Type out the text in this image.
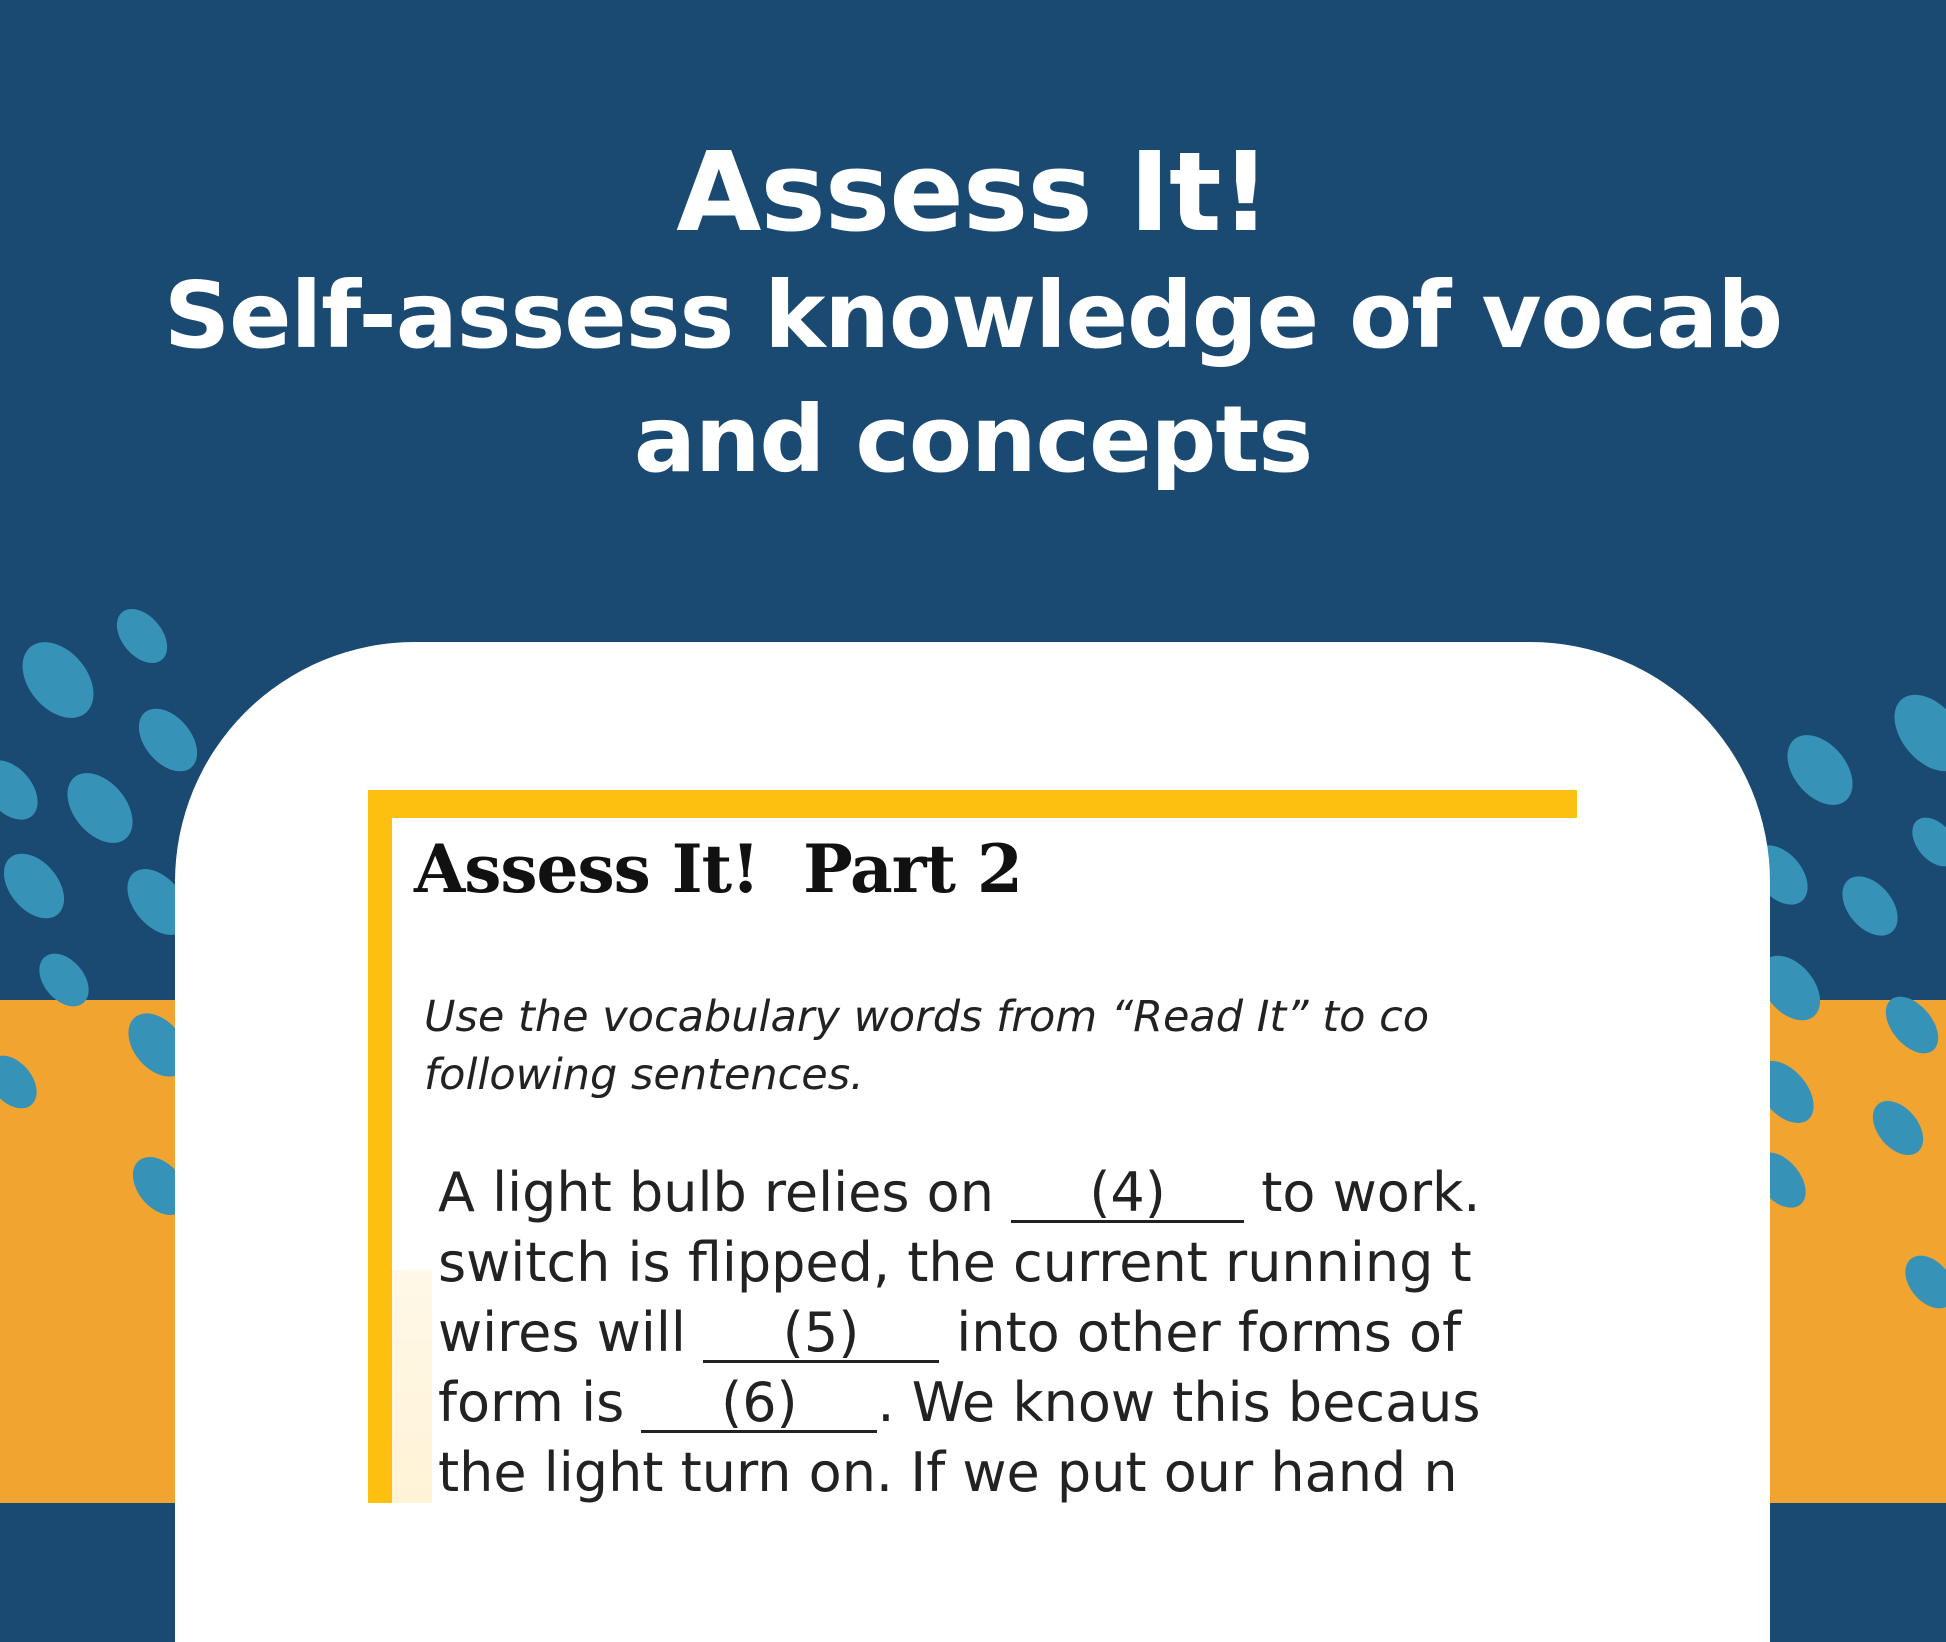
Assess It!
Self-assess knowledge of vocab
and concepts
Assess It!  Part 2
Use the vocabulary words from “Read It” to co
following sentences.
A light bulb relies on (4) to work.
switch is flipped, the current running t
wires will (5) into other forms of
form is (6) . We know this becaus
the light turn on. If we put our hand n
